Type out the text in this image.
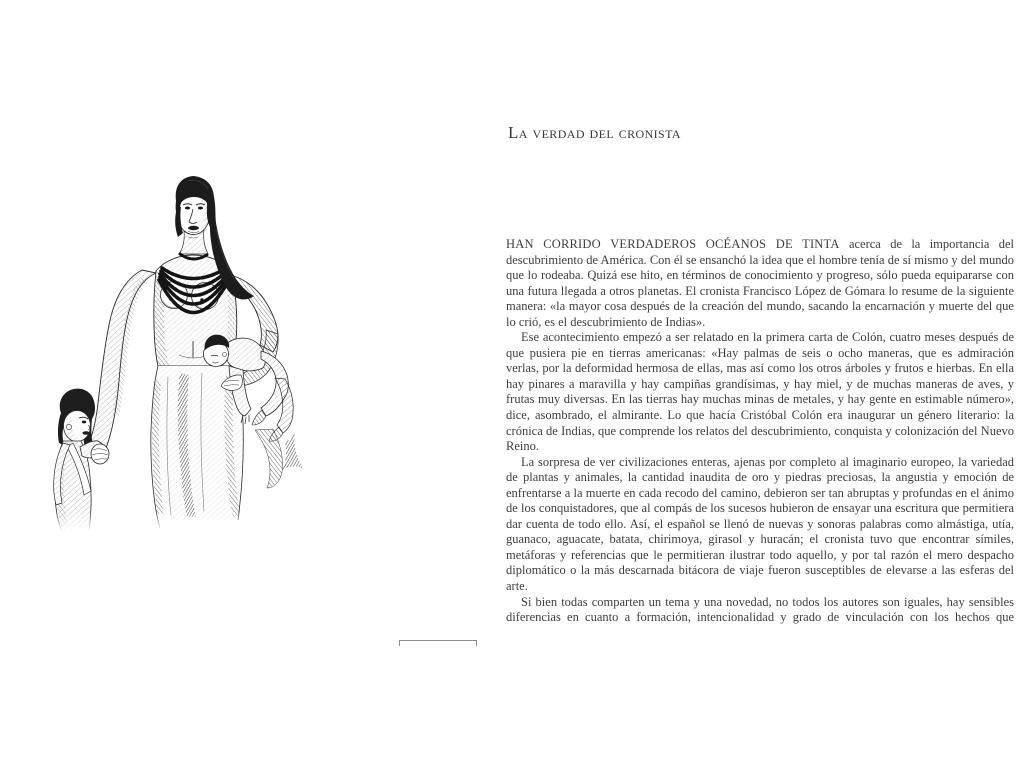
La verdad del cronista

HAN CORRIDO VERDADEROS OCÉANOS DE TINTA acerca de la importancia del descubrimiento de América. Con él se ensanchó la idea que el hombre tenía de sí mismo y del mundo que lo rodeaba. Quizá ese hito, en términos de conocimiento y progreso, sólo pueda equipararse con una futura llegada a otros planetas. El cronista Francisco López de Gómara lo resume de la siguiente manera: «la mayor cosa después de la creación del mundo, sacando la encarnación y muerte del que lo crió, es el descubrimiento de Indias».

Ese acontecimiento empezó a ser relatado en la primera carta de Colón, cuatro meses después de que pusiera pie en tierras americanas: «Hay palmas de seis o ocho maneras, que es admiración verlas, por la deformidad hermosa de ellas, mas así como los otros árboles y frutos e hierbas. En ella hay pinares a maravilla y hay campiñas grandísimas, y hay miel, y de muchas maneras de aves, y frutas muy diversas. En las tierras hay muchas minas de metales, y hay gente en estimable número», dice, asombrado, el almirante. Lo que hacía Cristóbal Colón era inaugurar un género literario: la crónica de Indias, que comprende los relatos del descubrimiento, conquista y colonización del Nuevo Reino.

La sorpresa de ver civilizaciones enteras, ajenas por completo al imaginario europeo, la variedad de plantas y animales, la cantidad inaudita de oro y piedras preciosas, la angustia y emoción de enfrentarse a la muerte en cada recodo del camino, debieron ser tan abruptas y profundas en el ánimo de los conquistadores, que al compás de los sucesos hubieron de ensayar una escritura que permitiera dar cuenta de todo ello. Así, el español se llenó de nuevas y sonoras palabras como almástiga, utía, guanaco, aguacate, batata, chirimoya, girasol y huracán; el cronista tuvo que encontrar símiles, metáforas y referencias que le permitieran ilustrar todo aquello, y por tal razón el mero despacho diplomático o la más descarnada bitácora de viaje fueron susceptibles de elevarse a las esferas del arte.

Si bien todas comparten un tema y una novedad, no todos los autores son iguales, hay sensibles diferencias en cuanto a formación, intencionalidad y grado de vinculación con los hechos que
